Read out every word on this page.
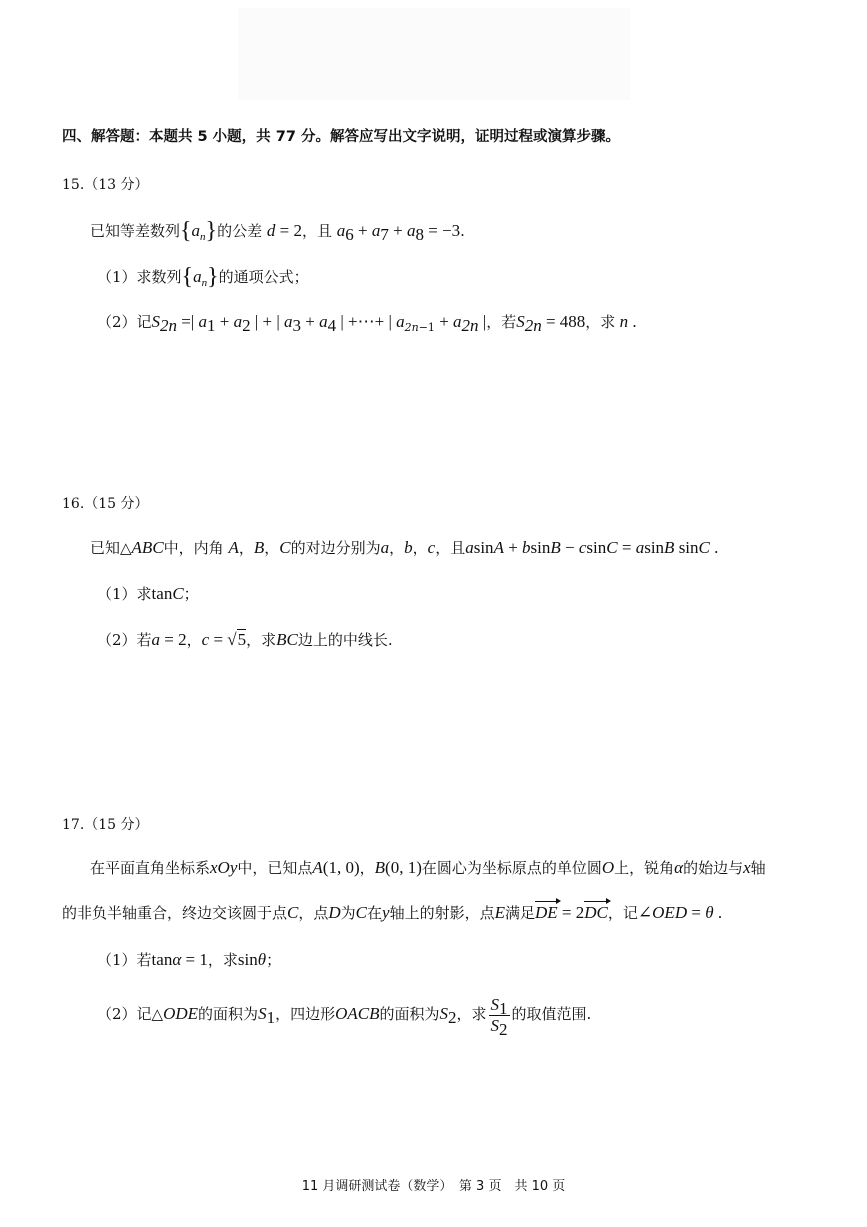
四、解答题：本题共 5 小题，共 77 分。解答应写出文字说明，证明过程或演算步骤。
15.（13 分）
已知等差数列$\{a_n\}$的公差 d = 2，且 $a_6 + a_7 + a_8 = -3$.
（1）求数列$\{a_n\}$的通项公式；
（2）记$S_{2n}$ =| $a_1 + a_2$ | + | $a_3 + a_4$ | +⋯+ | $a_{2n-1} + a_{2n}$ |，若$S_{2n} = 488$，求 n .
16.（15 分）
已知△ABC中，内角 A，B，C的对边分别为a，b，c，且asinA + bsinB − csinC = asinB sinC .
（1）求tanC；
（2）若a = 2，c = √5，求BC边上的中线长.
17.（15 分）
在平面直角坐标系xOy中，已知点A(1, 0)，B(0, 1)在圆心为坐标原点的单位圆O上，锐角α的始边与x轴
的非负半轴重合，终边交该圆于点C，点D为C在y轴上的射影，点E满足DE = 2DC，记∠OED = θ .
（1）若tanα = 1，求sinθ；
（2）记△ODE的面积为$S_1$，四边形OACB的面积为$S_2$，求 $\frac{S_1}{S_2}$ 的取值范围.
11 月调研测试卷（数学）　第 3 页　共 10 页
